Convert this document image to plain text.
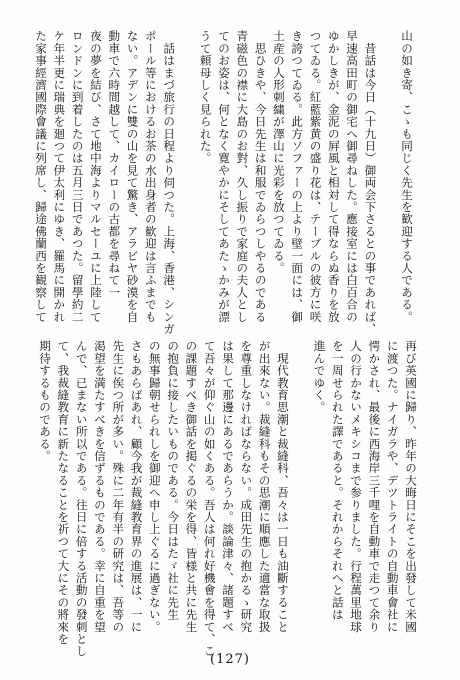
山の如き寄、こゝも同じく先生を歓迎する人である。

　昔話は今日（十九日）御両会下さるとの事であれば、

早速高田町の御宅へ御尋ねした。應接室には白百合の

ゆかしきが、金泥の屛風と相対して得ならぬ香りを放

つてゐる。紅藍紫黄の盛り花は、テーブルの彼方に咲

き誇つてゐる。此方ソファーの上より壁一面には、御

土産の人形刺繍が澤山に光彩を放つてゐる。

　思ひきや、今日先生は和服でゐらつしやるのである

青磁色の襟に大島のお對、久し振りで家庭の夫人とし

てのお姿は、何となく寛やかにそしてあたゝかみが漂

うて頼母しく見られた。

　話はまづ旅行の日程より伺つた。上海、香港、シンガ

ポール等におけるお茶の水出身者の歓迎は言ふまでも

ない。アデンに雙の山を見て驚き、アラビヤ砂漠を自

動車で六時間越して、カイローの古都を尋ねて一

夜の夢を結び、さて地中海よりマルセーユに上陸して

ロンドンに到着したのは五月三日であつた。留學約二

ケ年半更に瑞典を廻つて伊太利にゆき、羅馬に開かれ

た家事經濟國際會議に列席し、歸途佛蘭西を観察して

再び英國に歸り、昨年の大晦日にそこを出發して米國

に渡つた。ナイガラや、デツトライトの自動車會社に

愕かされ、最後に西海岸三千哩を自動車で走つて余り

人の行かないメキシコまで参りました。行程萬里地球

を一周せられた譯であると。それからそれへと話は

進んでゆく。

　現代教育思潮と裁縫科、吾々は一日も油斷すること

が出來ない。裁縫科もその思潮に順應した適當な取扱

を尊重しなければならない。成田先生の抱かるゝ研究

は果して那邊にあるであらうか。談論津々、諸題すべ

て吾々が仰ぐ山の如くある。吾人は何れ好機會を得て、こ

の課題すべき御話を掲ぐるの栄を得、皆様と共に先生

の抱負に接したいものである。今日はたゞ社に先生

の無事歸朝せられしを御迎へ申し上ぐるに過ぎない。

さもあらばあれ、顧今我が裁縫教育界の進展は、一に

先生に俟つ所が多い。殊に二年有半の研究は、吾等の

渇望を満たすべきを信ずるものである。幸に自重を望

んで、已まない所以である。往日に倍する活動の發刺とし

て、我裁縫教育に新たなることを祈つて大にその將來を

期待するものである。

(127)
